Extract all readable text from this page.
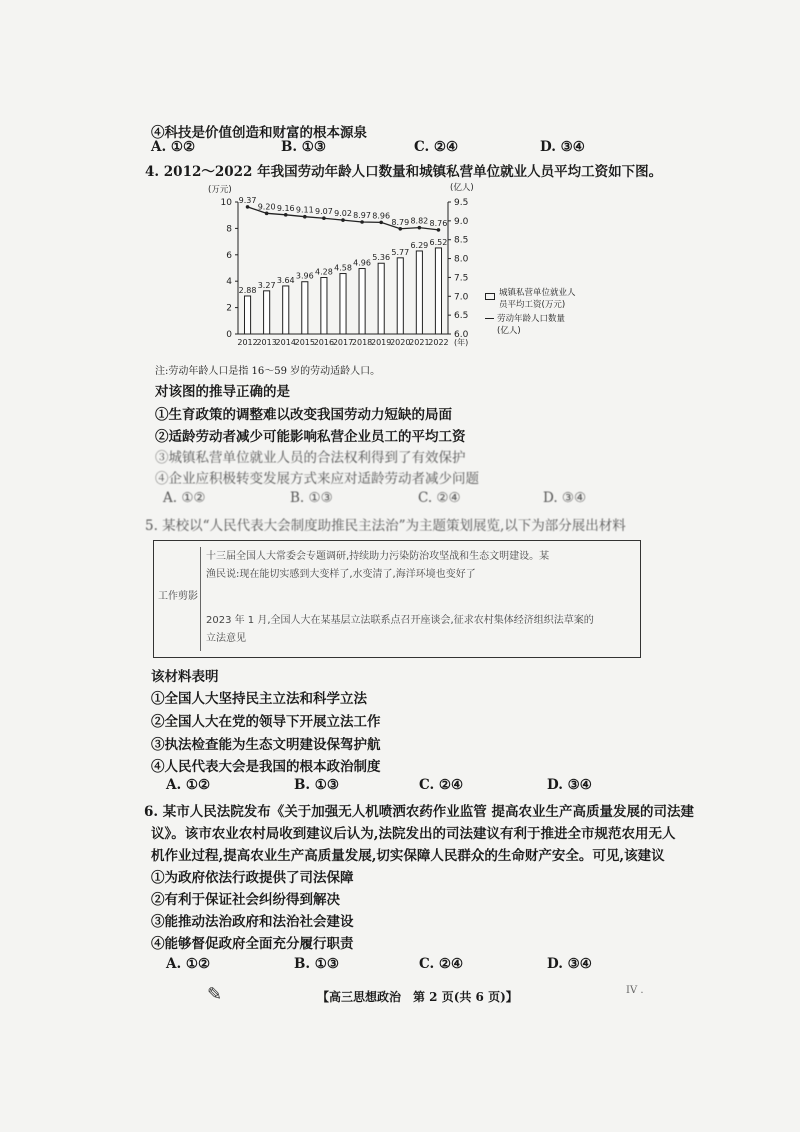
④科技是价值创造和财富的根本源泉
A. ①②	B. ①③	C. ②④	D. ③④
4. 2012～2022 年我国劳动年龄人口数量和城镇私营单位就业人员平均工资如下图。
0
2
4
6
8
10
(万元)
6.0
6.5
7.0
7.5
8.0
8.5
9.0
9.5
(亿人)
2.88
2012
3.27
2013
3.64
2014
3.96
2015
4.28
2016
4.58
2017
4.96
2018
5.36
2019
5.77
2020
6.29
2021
6.52
2022 (年)
9.37
9.20 9.16 9.11 9.07 9.02 8.97 8.96
8.79 8.82 8.76
城镇私营单位就业人
员平均工资(万元)
劳动年龄人口数量
(亿人)
注:劳动年龄人口是指 16～59 岁的劳动适龄人口。
对该图的推导正确的是
①生育政策的调整难以改变我国劳动力短缺的局面
②适龄劳动者减少可能影响私营企业员工的平均工资
③城镇私营单位就业人员的合法权利得到了有效保护
④企业应积极转变发展方式来应对适龄劳动者减少问题
A. ①②	B. ①③	C. ②④	D. ③④
5. 某校以“人民代表大会制度助推民主法治”为主题策划展览,以下为部分展出材料
工作剪影
十三届全国人大常委会专题调研,持续助力污染防治攻坚战和生态文明建设。某
渔民说:现在能切实感到大变样了,水变清了,海洋环境也变好了
2023 年 1 月,全国人大在某基层立法联系点召开座谈会,征求农村集体经济组织法草案的
立法意见
该材料表明
①全国人大坚持民主立法和科学立法
②全国人大在党的领导下开展立法工作
③执法检查能为生态文明建设保驾护航
④人民代表大会是我国的根本政治制度
A. ①②	B. ①③	C. ②④	D. ③④
6. 某市人民法院发布《关于加强无人机喷洒农药作业监管 提高农业生产高质量发展的司法建
议》。该市农业农村局收到建议后认为,法院发出的司法建议有利于推进全市规范农用无人
机作业过程,提高农业生产高质量发展,切实保障人民群众的生命财产安全。可见,该建议
①为政府依法行政提供了司法保障
②有利于保证社会纠纷得到解决
③能推动法治政府和法治社会建设
④能够督促政府全面充分履行职责
A. ①②	B. ①③	C. ②④	D. ③④
✎	【高三思想政治　第 2 页(共 6 页)】	IV .
